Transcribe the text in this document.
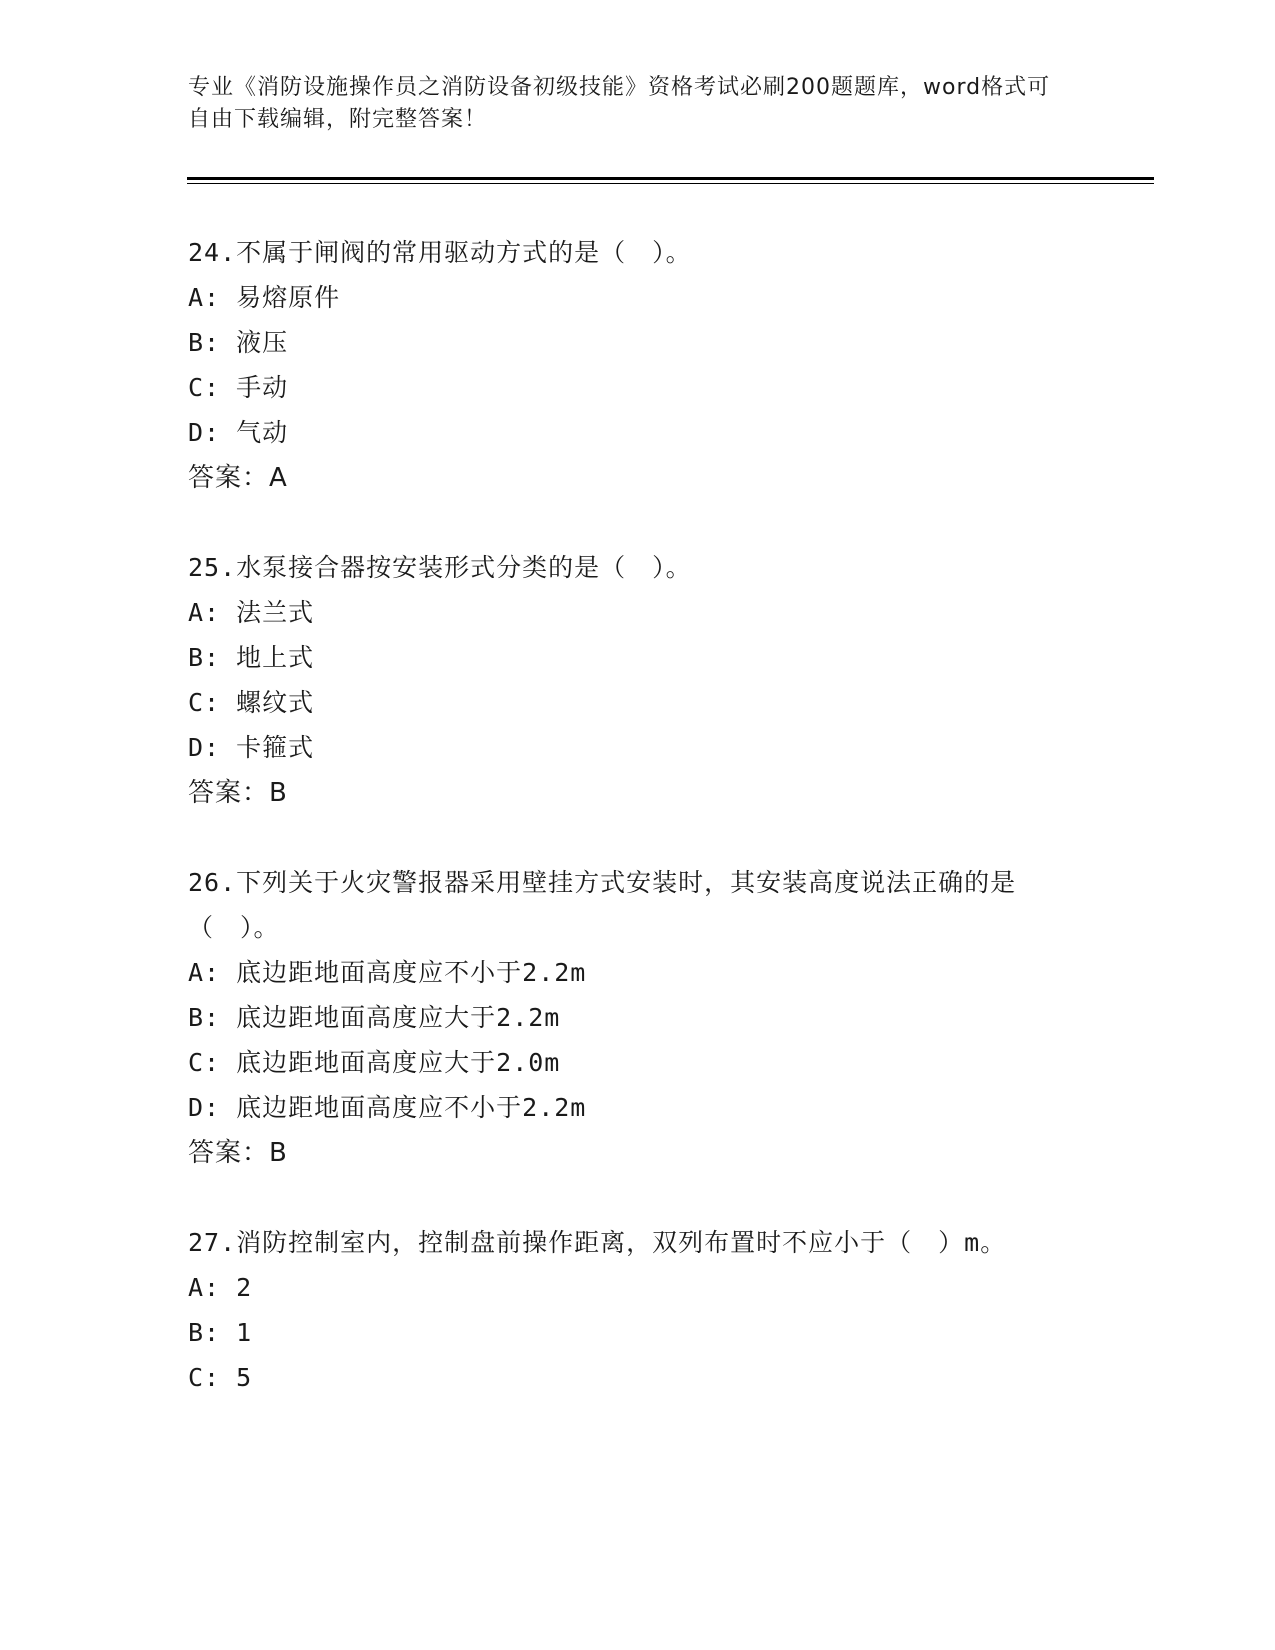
专业《消防设施操作员之消防设备初级技能》资格考试必刷200题题库，word格式可自由下载编辑，附完整答案！
24.不属于闸阀的常用驱动方式的是（　）。
A: 易熔原件
B: 液压
C: 手动
D: 气动
答案：A
25.水泵接合器按安装形式分类的是（　）。
A: 法兰式
B: 地上式
C: 螺纹式
D: 卡箍式
答案：B
26.下列关于火灾警报器采用壁挂方式安装时，其安装高度说法正确的是（　）。
A: 底边距地面高度应不小于2.2m
B: 底边距地面高度应大于2.2m
C: 底边距地面高度应大于2.0m
D: 底边距地面高度应不小于2.2m
答案：B
27.消防控制室内，控制盘前操作距离，双列布置时不应小于（　）m。
A: 2
B: 1
C: 5
